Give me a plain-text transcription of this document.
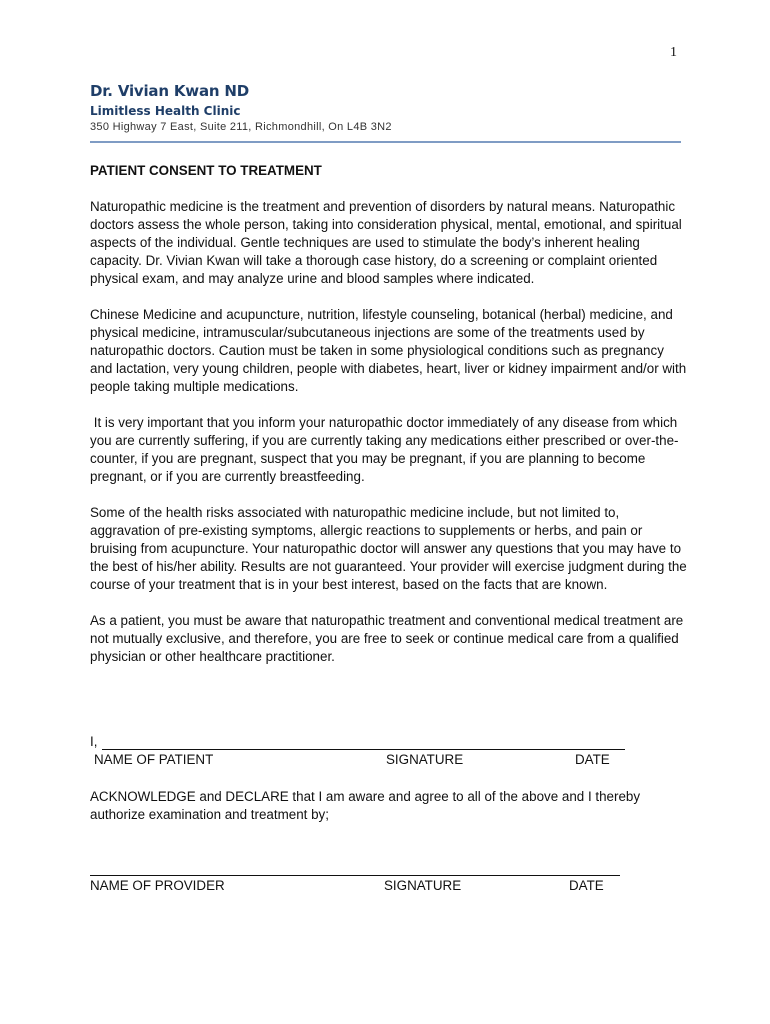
1
Dr. Vivian Kwan ND
Limitless Health Clinic
350 Highway 7 East, Suite 211, Richmondhill, On L4B 3N2
PATIENT CONSENT TO TREATMENT

Naturopathic medicine is the treatment and prevention of disorders by natural means. Naturopathic doctors assess the whole person, taking into consideration physical, mental, emotional, and spiritual aspects of the individual. Gentle techniques are used to stimulate the body’s inherent healing capacity. Dr. Vivian Kwan will take a thorough case history, do a screening or complaint oriented physical exam, and may analyze urine and blood samples where indicated.

Chinese Medicine and acupuncture, nutrition, lifestyle counseling, botanical (herbal) medicine, and physical medicine, intramuscular/subcutaneous injections are some of the treatments used by naturopathic doctors. Caution must be taken in some physiological conditions such as pregnancy and lactation, very young children, people with diabetes, heart, liver or kidney impairment and/or with people taking multiple medications.

It is very important that you inform your naturopathic doctor immediately of any disease from which you are currently suffering, if you are currently taking any medications either prescribed or over-the-counter, if you are pregnant, suspect that you may be pregnant, if you are planning to become pregnant, or if you are currently breastfeeding.

Some of the health risks associated with naturopathic medicine include, but not limited to, aggravation of pre-existing symptoms, allergic reactions to supplements or herbs, and pain or bruising from acupuncture. Your naturopathic doctor will answer any questions that you may have to the best of his/her ability. Results are not guaranteed. Your provider will exercise judgment during the course of your treatment that is in your best interest, based on the facts that are known.

As a patient, you must be aware that naturopathic treatment and conventional medical treatment are not mutually exclusive, and therefore, you are free to seek or continue medical care from a qualified physician or other healthcare practitioner.

I,
NAME OF PATIENT	SIGNATURE	DATE

ACKNOWLEDGE and DECLARE that I am aware and agree to all of the above and I thereby authorize examination and treatment by;

NAME OF PROVIDER	SIGNATURE	DATE
